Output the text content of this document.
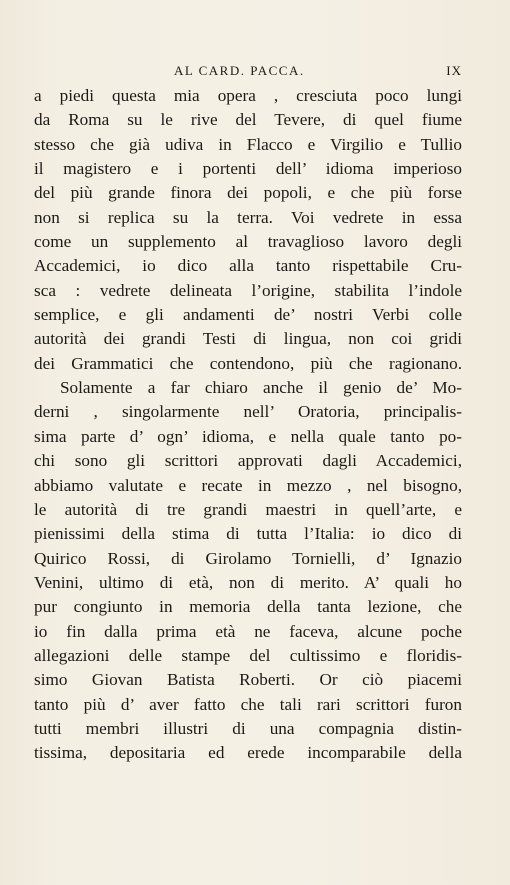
AL CARD. PACCA.	IX
a piedi questa mia opera , cresciuta poco lungi
da Roma su le rive del Tevere, di quel fiume
stesso che già udiva in Flacco e Virgilio e Tullio
il magistero e i portenti dell’ idioma imperioso
del più grande finora dei popoli, e che più forse
non si replica su la terra. Voi vedrete in essa
come un supplemento al travaglioso lavoro degli
Accademici, io dico alla tanto rispettabile Cru-
sca : vedrete delineata l’origine, stabilita l’indole
semplice, e gli andamenti de’ nostri Verbi colle
autorità dei grandi Testi di lingua, non coi gridi
dei Grammatici che contendono, più che ragionano.
Solamente a far chiaro anche il genio de’ Mo-
derni , singolarmente nell’ Oratoria, principalis-
sima parte d’ ogn’ idioma, e nella quale tanto po-
chi sono gli scrittori approvati dagli Accademici,
abbiamo valutate e recate in mezzo , nel bisogno,
le autorità di tre grandi maestri in quell’arte, e
pienissimi della stima di tutta l’Italia: io dico di
Quirico Rossi, di Girolamo Tornielli, d’ Ignazio
Venini, ultimo di età, non di merito. A’ quali ho
pur congiunto in memoria della tanta lezione, che
io fin dalla prima età ne faceva, alcune poche
allegazioni delle stampe del cultissimo e floridis-
simo Giovan Batista Roberti. Or ciò piacemi
tanto più d’ aver fatto che tali rari scrittori furon
tutti membri illustri di una compagnia distin-
tissima, depositaria ed erede incomparabile della
